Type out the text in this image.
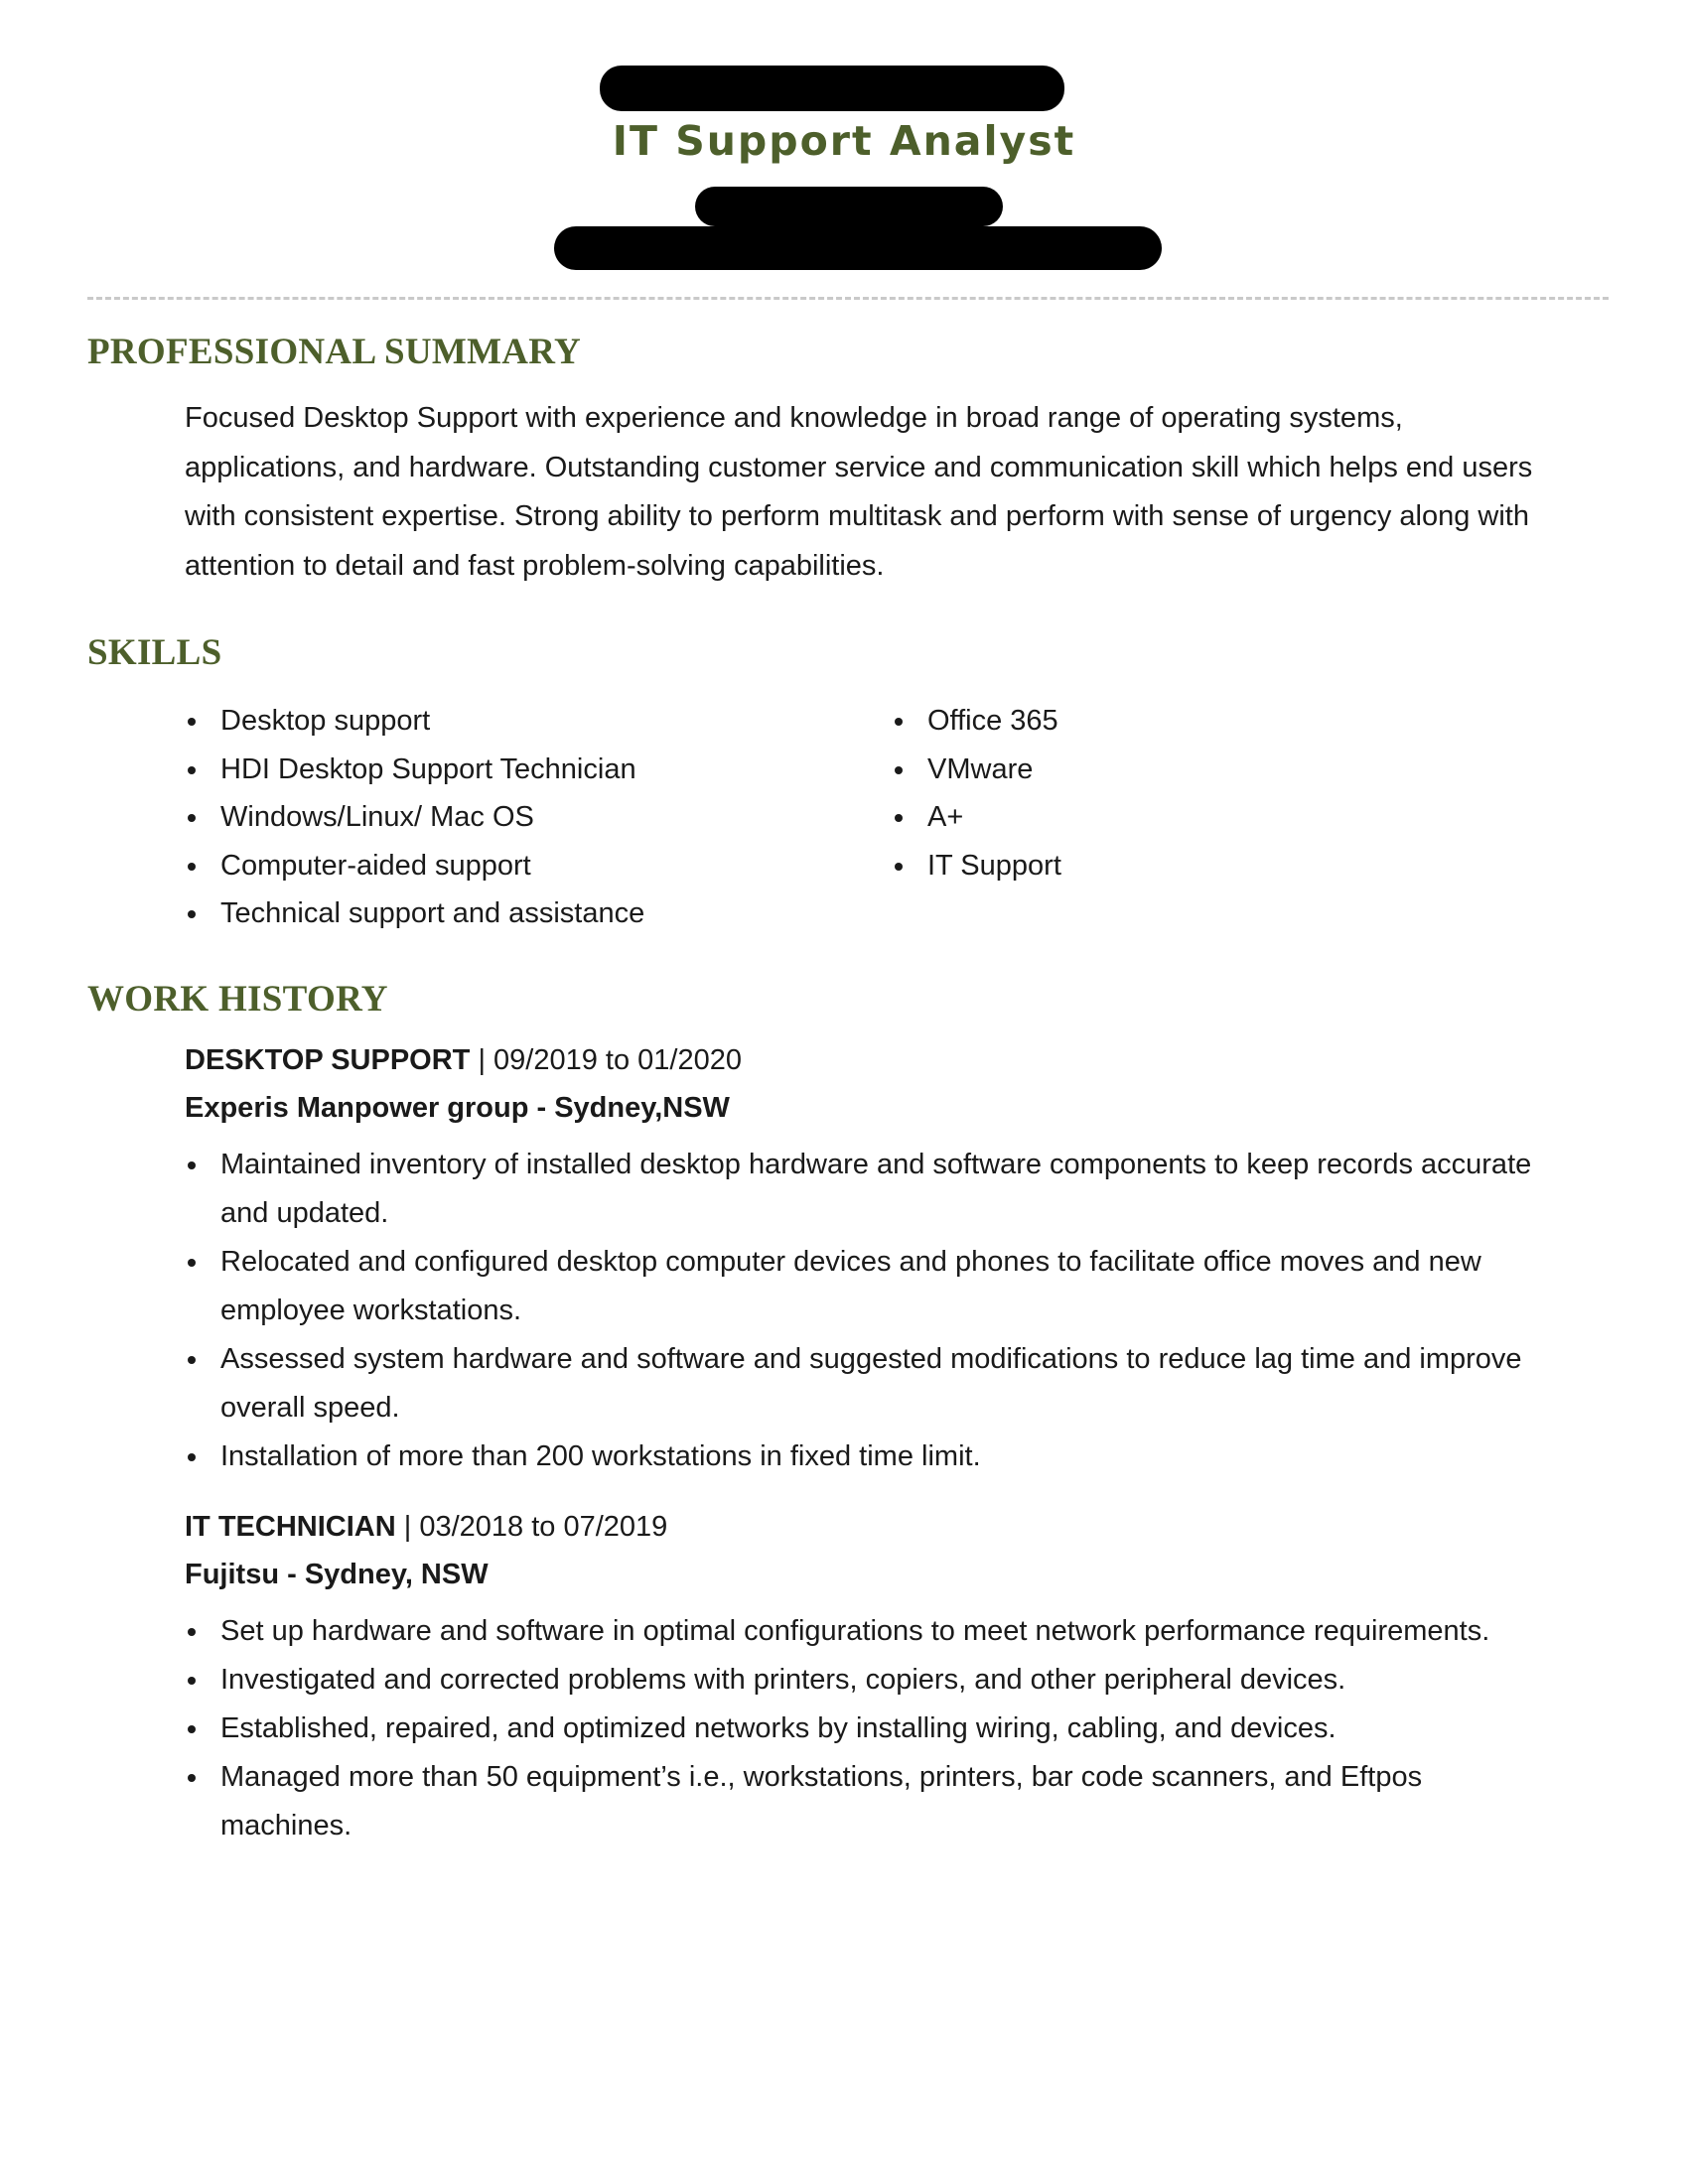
IT Support Analyst
PROFESSIONAL SUMMARY
Focused Desktop Support with experience and knowledge in broad range of operating systems, applications, and hardware. Outstanding customer service and communication skill which helps end users with consistent expertise. Strong ability to perform multitask and perform with sense of urgency along with attention to detail and fast problem-solving capabilities.
SKILLS
Desktop support
HDI Desktop Support Technician
Windows/Linux/ Mac OS
Computer-aided support
Technical support and assistance
Office 365
VMware
A+
IT Support
WORK HISTORY
DESKTOP SUPPORT | 09/2019 to 01/2020
Experis Manpower group - Sydney,NSW
Maintained inventory of installed desktop hardware and software components to keep records accurate and updated.
Relocated and configured desktop computer devices and phones to facilitate office moves and new employee workstations.
Assessed system hardware and software and suggested modifications to reduce lag time and improve overall speed.
Installation of more than 200 workstations in fixed time limit.
IT TECHNICIAN | 03/2018 to 07/2019
Fujitsu - Sydney, NSW
Set up hardware and software in optimal configurations to meet network performance requirements.
Investigated and corrected problems with printers, copiers, and other peripheral devices.
Established, repaired, and optimized networks by installing wiring, cabling, and devices.
Managed more than 50 equipment’s i.e., workstations, printers, bar code scanners, and Eftpos machines.
